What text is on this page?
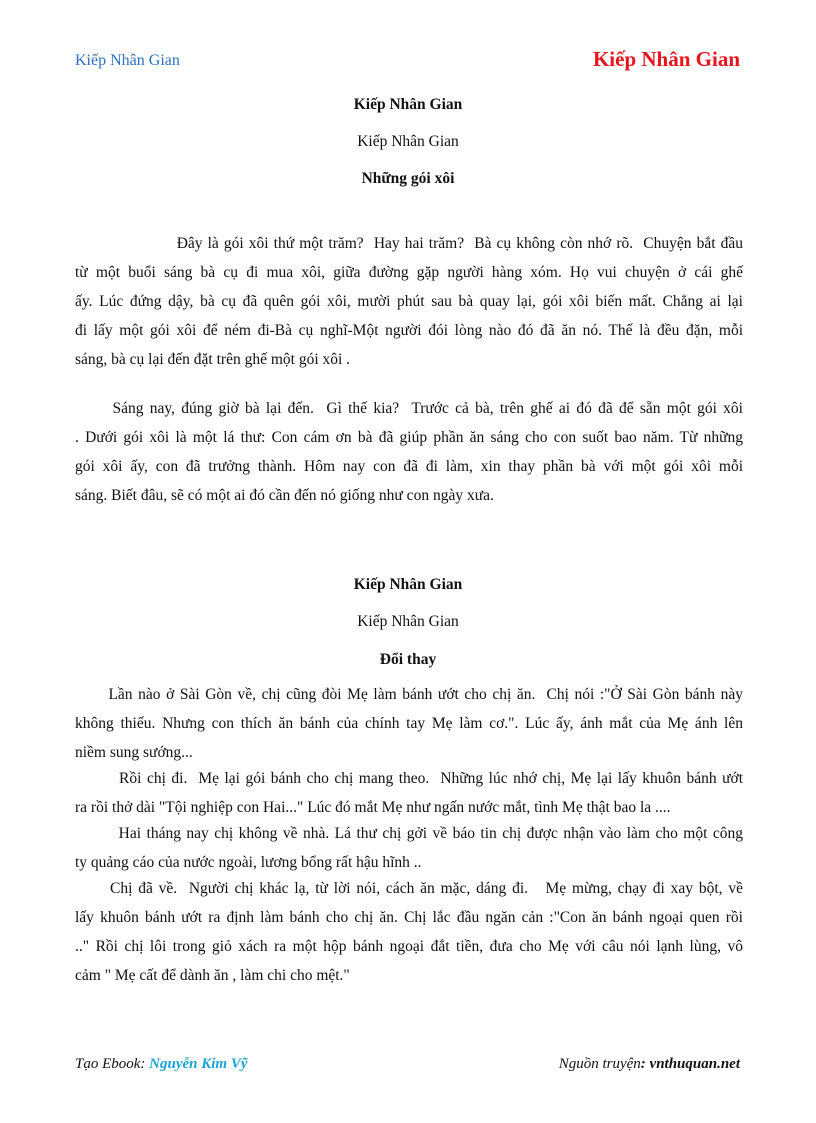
Kiếp Nhân Gian	Kiếp Nhân Gian
Kiếp Nhân Gian
Kiếp Nhân Gian
Những gói xôi
Đây là gói xôi thứ một trăm?  Hay hai trăm?  Bà cụ không còn nhớ rõ.  Chuyện bắt đầu
từ một buổi sáng bà cụ đi mua xôi, giữa đường gặp người hàng xóm. Họ vui chuyện ở cái ghế
ấy. Lúc đứng dậy, bà cụ đã quên gói xôi, mười phút sau bà quay lại, gói xôi biến mất. Chẳng ai lại
đi lấy một gói xôi để ném đi-Bà cụ nghĩ-Một người đói lòng nào đó đã ăn nó. Thế là đều đặn, mỗi
sáng, bà cụ lại đến đặt trên ghế một gói xôi .
Sáng nay, đúng giờ bà lại đến.  Gì thế kia?  Trước cả bà, trên ghế ai đó đã để sẵn một gói xôi
. Dưới gói xôi là một lá thư: Con cám ơn bà đã giúp phần ăn sáng cho con suốt bao năm. Từ những
gói xôi ấy, con đã trưởng thành. Hôm nay con đã đi làm, xin thay phần bà với một gói xôi mỗi
sáng. Biết đâu, sẽ có một ai đó cần đến nó giống như con ngày xưa.
Kiếp Nhân Gian
Kiếp Nhân Gian
Đổi thay
Lần nào ở Sài Gòn về, chị cũng đòi Mẹ làm bánh ướt cho chị ăn.  Chị nói :"Ở Sài Gòn bánh này
không thiếu. Nhưng con thích ăn bánh của chính tay Mẹ làm cơ.". Lúc ấy, ánh mắt của Mẹ ánh lên
niềm sung sướng...
Rồi chị đi.  Mẹ lại gói bánh cho chị mang theo.  Những lúc nhớ chị, Mẹ lại lấy khuôn bánh ướt
ra rồi thở dài "Tội nghiệp con Hai..." Lúc đó mắt Mẹ như ngấn nước mắt, tình Mẹ thật bao la ....
Hai tháng nay chị không về nhà. Lá thư chị gởi về báo tin chị được nhận vào làm cho một công
ty quảng cáo của nước ngoài, lương bổng rất hậu hĩnh ..
Chị đã về.  Người chị khác lạ, từ lời nói, cách ăn mặc, dáng đi.   Mẹ mừng, chạy đi xay bột, về
lấy khuôn bánh ướt ra định làm bánh cho chị ăn. Chị lắc đầu ngăn cản :"Con ăn bánh ngoại quen rồi
.." Rồi chị lôi trong giỏ xách ra một hộp bánh ngoại đắt tiền, đưa cho Mẹ với câu nói lạnh lùng, vô
cảm " Mẹ cất để dành ăn , làm chi cho mệt."
Tạo Ebook: Nguyễn Kim Vỹ	Nguồn truyện: vnthuquan.net
